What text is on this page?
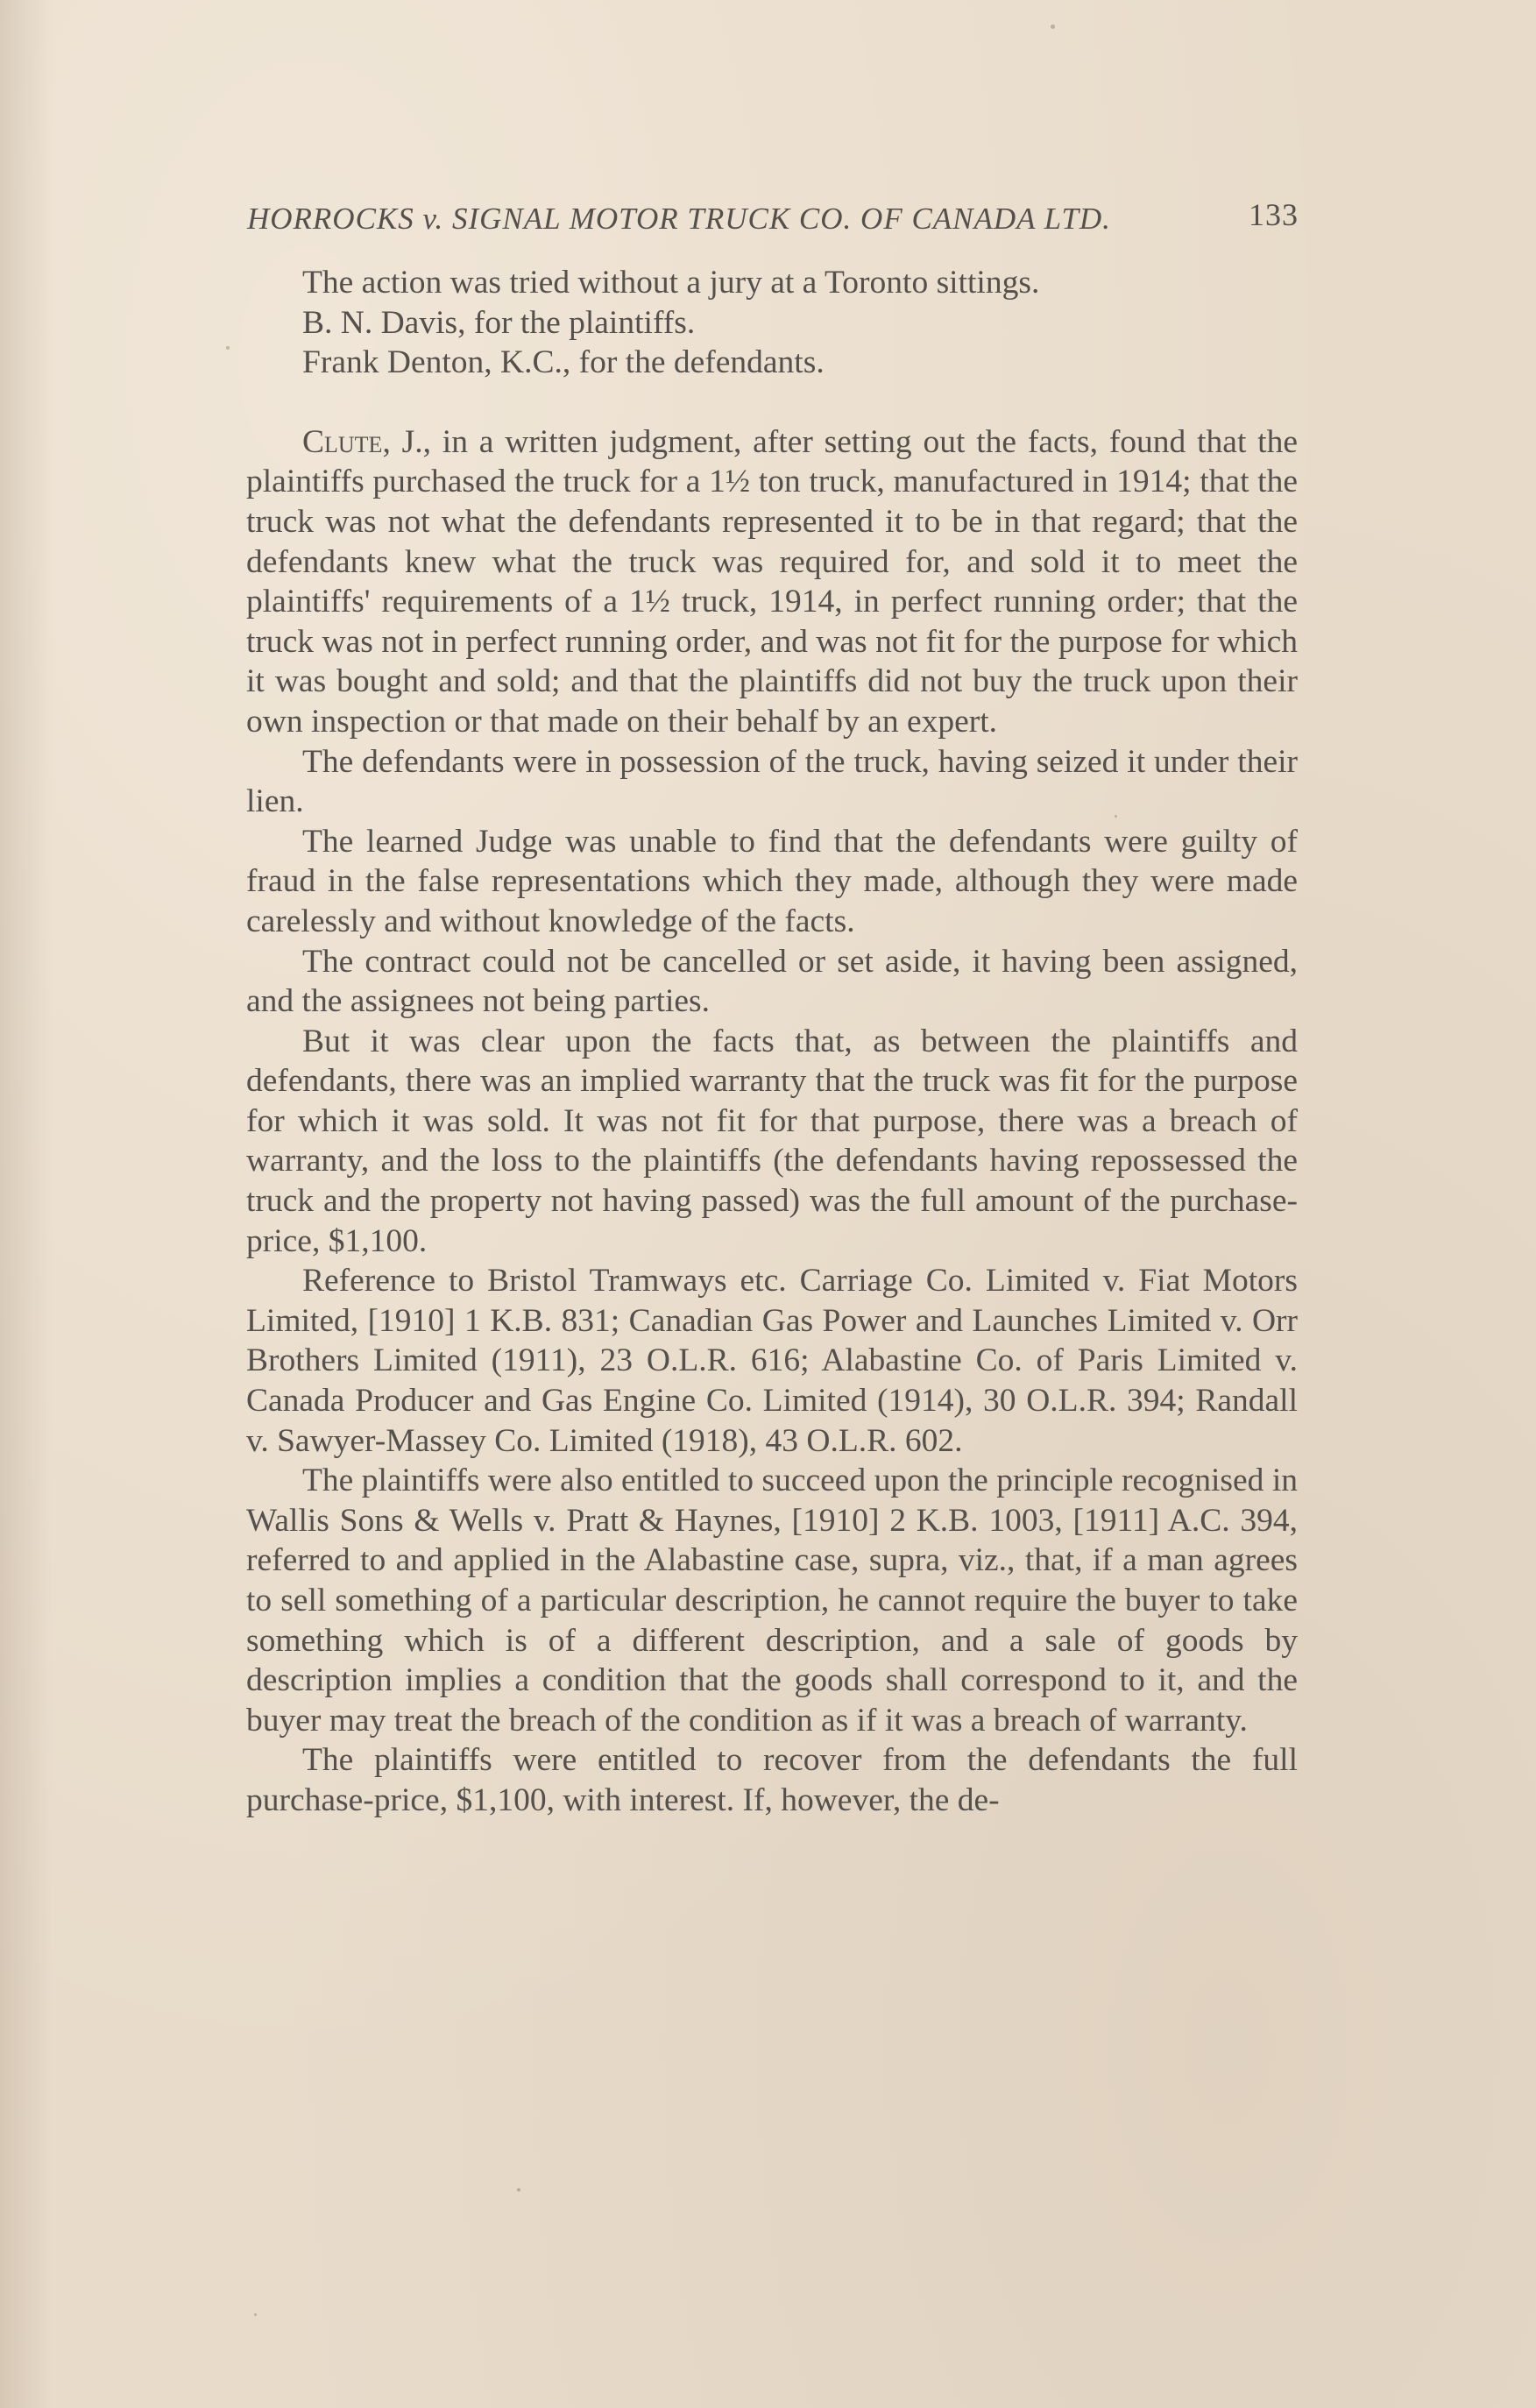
HORROCKS v. SIGNAL MOTOR TRUCK CO. OF CANADA LTD.	133

The action was tried without a jury at a Toronto sittings.

B. N. Davis, for the plaintiffs.

Frank Denton, K.C., for the defendants.

Clute, J., in a written judgment, after setting out the facts, found that the plaintiffs purchased the truck for a 1½ ton truck, manufactured in 1914; that the truck was not what the defendants represented it to be in that regard; that the defendants knew what the truck was required for, and sold it to meet the plaintiffs' requirements of a 1½ truck, 1914, in perfect running order; that the truck was not in perfect running order, and was not fit for the purpose for which it was bought and sold; and that the plaintiffs did not buy the truck upon their own inspection or that made on their behalf by an expert.

The defendants were in possession of the truck, having seized it under their lien.

The learned Judge was unable to find that the defendants were guilty of fraud in the false representations which they made, although they were made carelessly and without knowledge of the facts.

The contract could not be cancelled or set aside, it having been assigned, and the assignees not being parties.

But it was clear upon the facts that, as between the plaintiffs and defendants, there was an implied warranty that the truck was fit for the purpose for which it was sold. It was not fit for that purpose, there was a breach of warranty, and the loss to the plaintiffs (the defendants having repossessed the truck and the property not having passed) was the full amount of the purchase-price, $1,100.

Reference to Bristol Tramways etc. Carriage Co. Limited v. Fiat Motors Limited, [1910] 1 K.B. 831; Canadian Gas Power and Launches Limited v. Orr Brothers Limited (1911), 23 O.L.R. 616; Alabastine Co. of Paris Limited v. Canada Producer and Gas Engine Co. Limited (1914), 30 O.L.R. 394; Randall v. Sawyer-Massey Co. Limited (1918), 43 O.L.R. 602.

The plaintiffs were also entitled to succeed upon the principle recognised in Wallis Sons & Wells v. Pratt & Haynes, [1910] 2 K.B. 1003, [1911] A.C. 394, referred to and applied in the Alabastine case, supra, viz., that, if a man agrees to sell something of a particular description, he cannot require the buyer to take something which is of a different description, and a sale of goods by description implies a condition that the goods shall correspond to it, and the buyer may treat the breach of the condition as if it was a breach of warranty.

The plaintiffs were entitled to recover from the defendants the full purchase-price, $1,100, with interest. If, however, the de-
